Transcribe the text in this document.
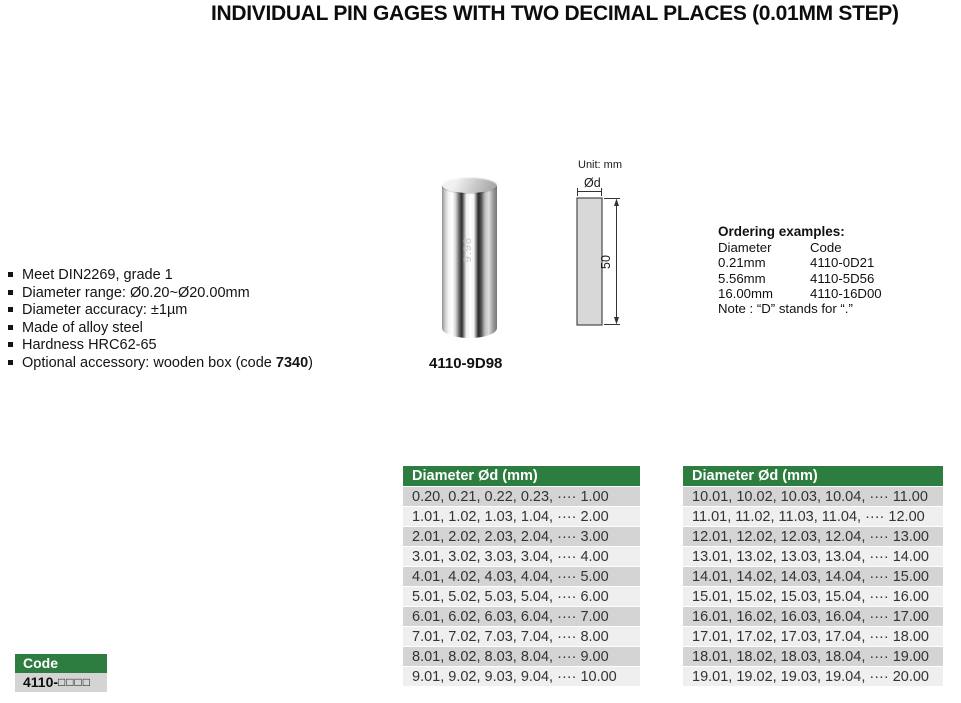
INDIVIDUAL PIN GAGES WITH TWO DECIMAL PLACES (0.01MM STEP)
Meet DIN2269, grade 1
Diameter range: Ø0.20~Ø20.00mm
Diameter accuracy: ±1µm
Made of alloy steel
Hardness HRC62-65
Optional accessory: wooden box (code 7340)
9.98
4110-9D98
Unit: mm
Ød
50
Ordering examples:
Diameter	Code
0.21mm	4110-0D21
5.56mm	4110-5D56
16.00mm	4110-16D00
Note : “D” stands for “.”
Diameter Ød (mm)
0.20, 0.21, 0.22, 0.23, ···· 1.00
1.01, 1.02, 1.03, 1.04, ···· 2.00
2.01, 2.02, 2.03, 2.04, ···· 3.00
3.01, 3.02, 3.03, 3.04, ···· 4.00
4.01, 4.02, 4.03, 4.04, ···· 5.00
5.01, 5.02, 5.03, 5.04, ···· 6.00
6.01, 6.02, 6.03, 6.04, ···· 7.00
7.01, 7.02, 7.03, 7.04, ···· 8.00
8.01, 8.02, 8.03, 8.04, ···· 9.00
9.01, 9.02, 9.03, 9.04, ···· 10.00
Diameter Ød (mm)
10.01, 10.02, 10.03, 10.04, ···· 11.00
11.01, 11.02, 11.03, 11.04, ···· 12.00
12.01, 12.02, 12.03, 12.04, ···· 13.00
13.01, 13.02, 13.03, 13.04, ···· 14.00
14.01, 14.02, 14.03, 14.04, ···· 15.00
15.01, 15.02, 15.03, 15.04, ···· 16.00
16.01, 16.02, 16.03, 16.04, ···· 17.00
17.01, 17.02, 17.03, 17.04, ···· 18.00
18.01, 18.02, 18.03, 18.04, ···· 19.00
19.01, 19.02, 19.03, 19.04, ···· 20.00
Code
4110-□□□□
